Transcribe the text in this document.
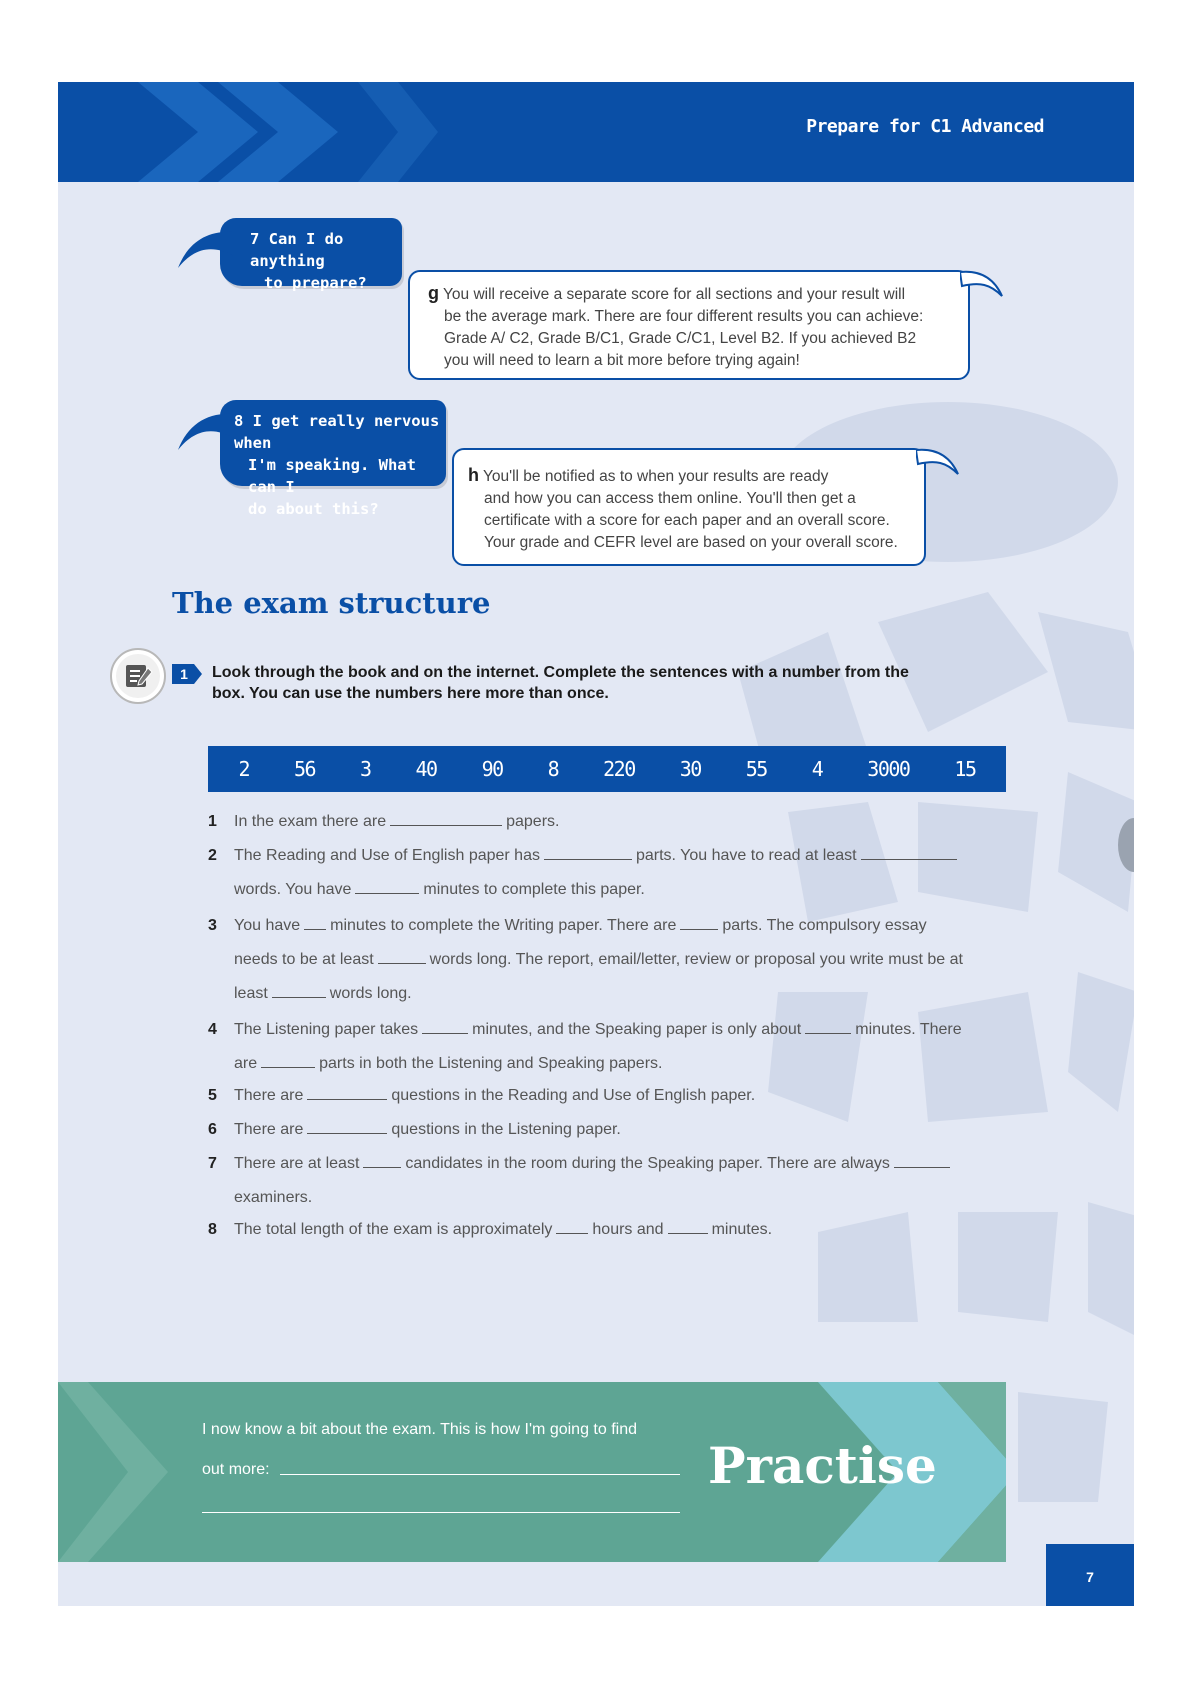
Prepare for C1 Advanced
7 Can I do anything
to prepare?	g You will receive a separate score for all sections and your result will
be the average mark. There are four different results you can achieve:
Grade A/ C2, Grade B/C1, Grade C/C1, Level B2. If you achieved B2
you will need to learn a bit more before trying again!
8 I get really nervous when
I'm speaking. What can I
do about this?
h You'll be notified as to when your results are ready
and how you can access them online. You'll then get a
certificate with a score for each paper and an overall score.
Your grade and CEFR level are based on your overall score.
The exam structure
1 Look through the book and on the internet. Complete the sentences with a number from the
box. You can use the numbers here more than once.
2 56 3 40 90 8 220 30 55 4 3000 15
1 In the exam there are	papers.
2 The Reading and Use of English paper has	parts. You have to read at least
words. You have	minutes to complete this paper.
3 You have minutes to complete the Writing paper. There are	parts. The compulsory essay
needs to be at least	words long. The report, email/letter, review or proposal you write must be at
least	words long.
4 The Listening paper takes	minutes, and the Speaking paper is only about	minutes. There
are	parts in both the Listening and Speaking papers.
5 There are	questions in the Reading and Use of English paper.
6 There are	questions in the Listening paper.
7 There are at least	candidates in the room during the Speaking paper. There are always
examiners.
8 The total length of the exam is approximately	hours and	minutes.
I now know a bit about the exam. This is how I'm going to find
out more:	Practise
7
